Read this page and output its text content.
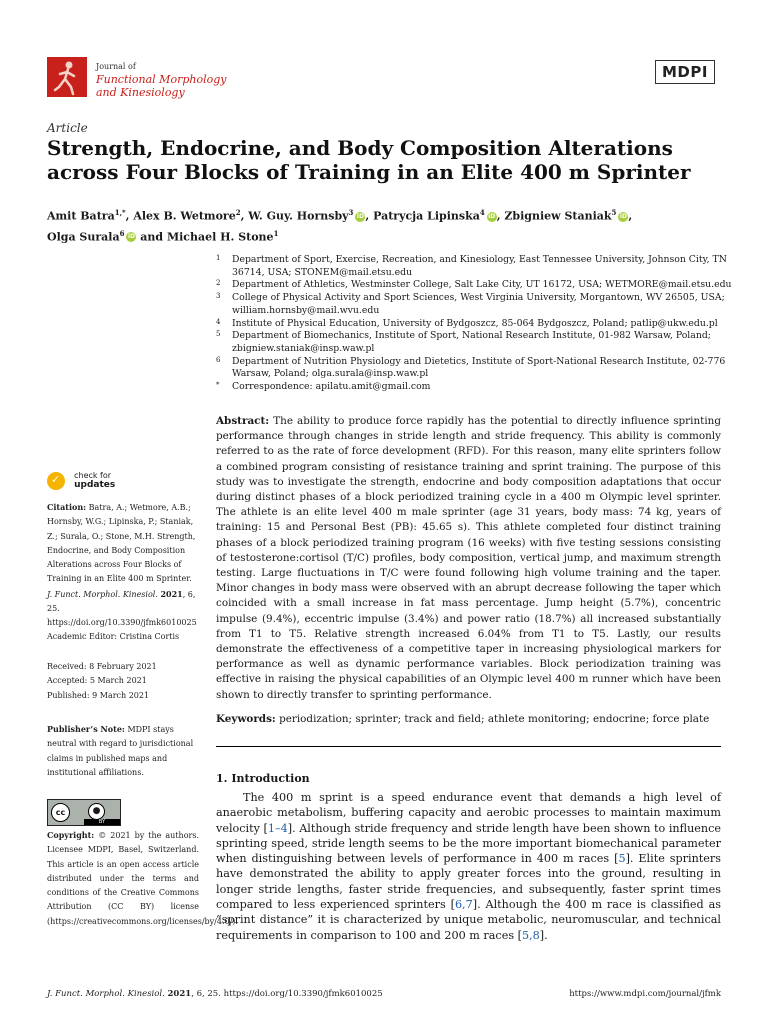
Journal of
Functional Morphology
and Kinesiology
MDPI
Article
Strength, Endocrine, and Body Composition Alterations across Four Blocks of Training in an Elite 400 m Sprinter
Amit Batra$^{1,*}$, Alex B. Wetmore$^2$, W. Guy. Hornsby$^3$ iD, Patrycja Lipinska$^4$ iD, Zbigniew Staniak$^5$ iD,
Olga Surala$^6$ iD and Michael H. Stone$^1$
1 Department of Sport, Exercise, Recreation, and Kinesiology, East Tennessee University, Johnson City, TN 36714, USA; STONEM@mail.etsu.edu
2 Department of Athletics, Westminster College, Salt Lake City, UT 16172, USA; WETMORE@mail.etsu.edu
3 College of Physical Activity and Sport Sciences, West Virginia University, Morgantown, WV 26505, USA; william.hornsby@mail.wvu.edu
4 Institute of Physical Education, University of Bydgoszcz, 85-064 Bydgoszcz, Poland; patlip@ukw.edu.pl
5 Department of Biomechanics, Institute of Sport, National Research Institute, 01-982 Warsaw, Poland; zbigniew.staniak@insp.waw.pl
6 Department of Nutrition Physiology and Dietetics, Institute of Sport-National Research Institute, 02-776 Warsaw, Poland; olga.surala@insp.waw.pl
* Correspondence: apilatu.amit@gmail.com
✓ check for
updates
Citation: Batra, A.; Wetmore, A.B.; Hornsby, W.G.; Lipinska, P.; Staniak, Z.; Surala, O.; Stone, M.H. Strength, Endocrine, and Body Composition Alterations across Four Blocks of Training in an Elite 400 m Sprinter. J. Funct. Morphol. Kinesiol. 2021, 6, 25. https://doi.org/10.3390/jfmk6010025
Academic Editor: Cristina Cortis
Received: 8 February 2021
Accepted: 5 March 2021
Published: 9 March 2021
Publisher’s Note: MDPI stays neutral with regard to jurisdictional claims in published maps and institutional affiliations.
cc	●
BY
Copyright: © 2021 by the authors. Licensee MDPI, Basel, Switzerland. This article is an open access article distributed under the terms and conditions of the Creative Commons Attribution (CC BY) license (https://creativecommons.org/licenses/by/4.0/).
Abstract: The ability to produce force rapidly has the potential to directly influence sprinting performance through changes in stride length and stride frequency. This ability is commonly referred to as the rate of force development (RFD). For this reason, many elite sprinters follow a combined program consisting of resistance training and sprint training. The purpose of this study was to investigate the strength, endocrine and body composition adaptations that occur during distinct phases of a block periodized training cycle in a 400 m Olympic level sprinter. The athlete is an elite level 400 m male sprinter (age 31 years, body mass: 74 kg, years of training: 15 and Personal Best (PB): 45.65 s). This athlete completed four distinct training phases of a block periodized training program (16 weeks) with five testing sessions consisting of testosterone:cortisol (T/C) profiles, body composition, vertical jump, and maximum strength testing. Large fluctuations in T/C were found following high volume training and the taper. Minor changes in body mass were observed with an abrupt decrease following the taper which coincided with a small increase in fat mass percentage. Jump height (5.7%), concentric impulse (9.4%), eccentric impulse (3.4%) and power ratio (18.7%) all increased substantially from T1 to T5. Relative strength increased 6.04% from T1 to T5. Lastly, our results demonstrate the effectiveness of a competitive taper in increasing physiological markers for performance as well as dynamic performance variables. Block periodization training was effective in raising the physical capabilities of an Olympic level 400 m runner which have been shown to directly transfer to sprinting performance.
Keywords: periodization; sprinter; track and field; athlete monitoring; endocrine; force plate
1. Introduction

The 400 m sprint is a speed endurance event that demands a high level of anaerobic metabolism, buffering capacity and aerobic processes to maintain maximum velocity [1–4]. Although stride frequency and stride length have been shown to influence sprinting speed, stride length seems to be the more important biomechanical parameter when distinguishing between levels of performance in 400 m races [5]. Elite sprinters have demonstrated the ability to apply greater forces into the ground, resulting in longer stride lengths, faster stride frequencies, and subsequently, faster sprint times compared to less experienced sprinters [6,7]. Although the 400 m race is classified as “sprint distance” it is characterized by unique metabolic, neuromuscular, and technical requirements in comparison to 100 and 200 m races [5,8].

J. Funct. Morphol. Kinesiol. 2021, 6, 25. https://doi.org/10.3390/jfmk6010025	https://www.mdpi.com/journal/jfmk
